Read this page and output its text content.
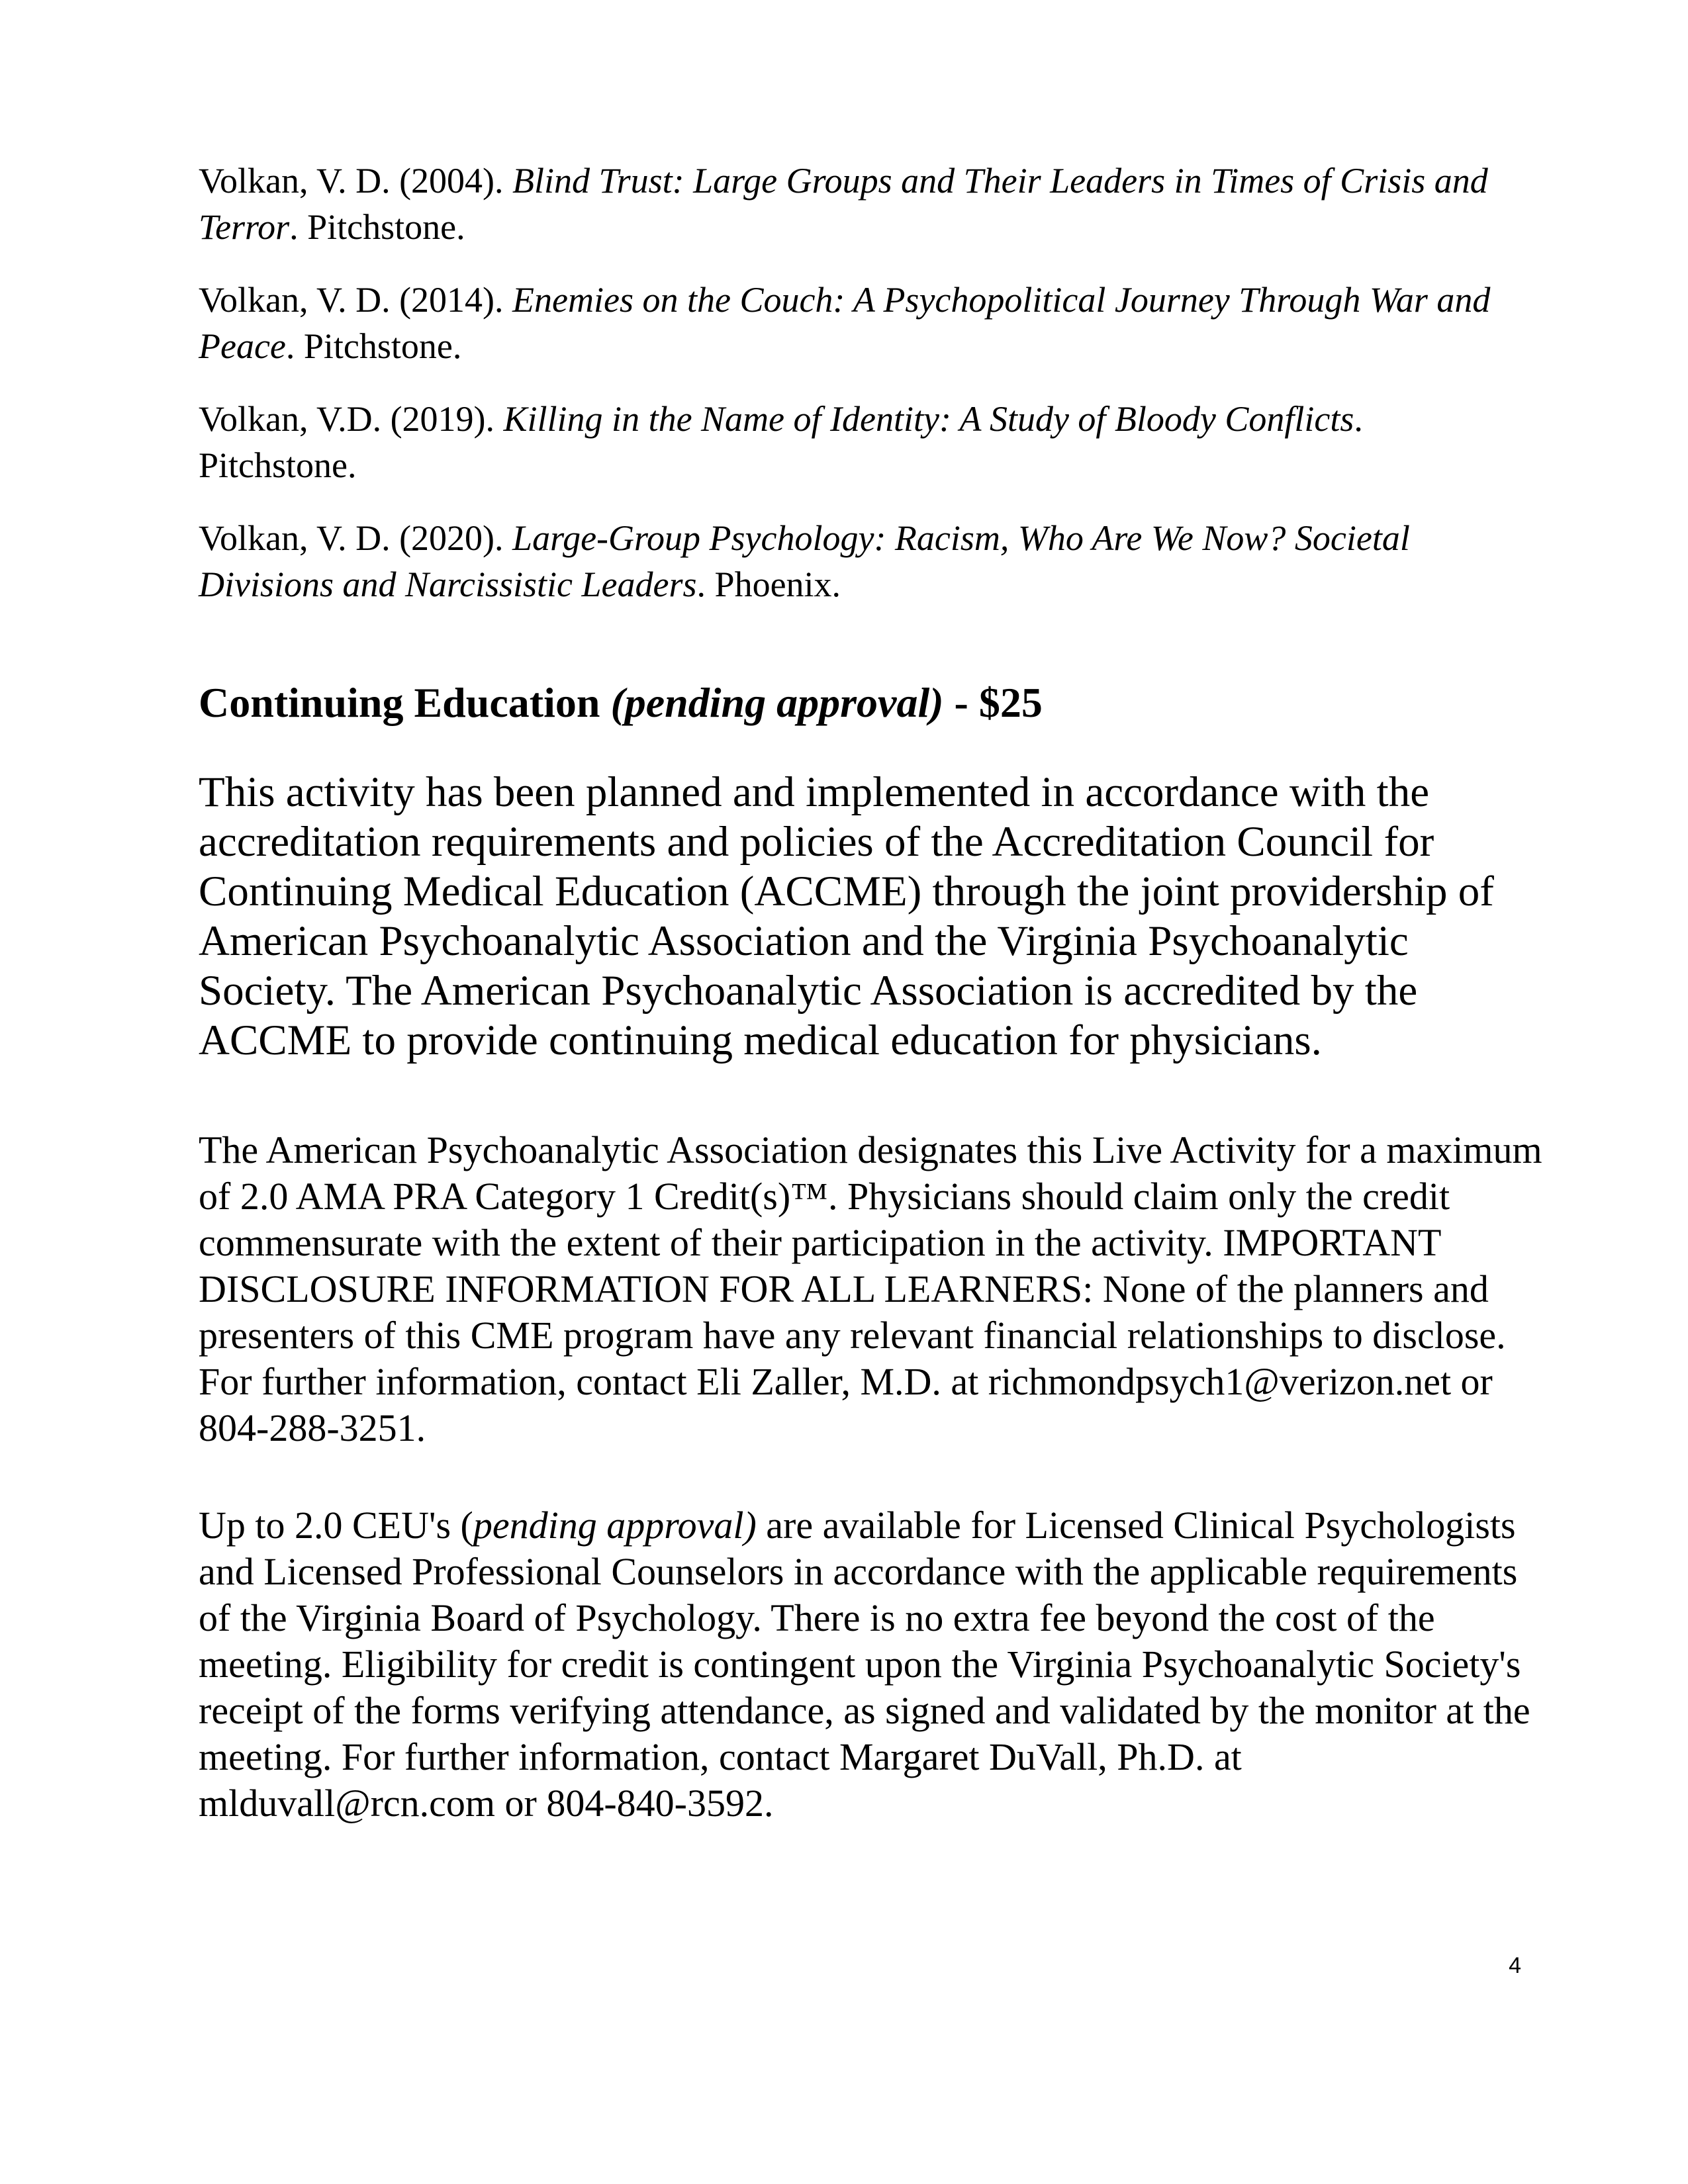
Volkan, V. D. (2004). Blind Trust: Large Groups and Their Leaders in Times of Crisis and Terror. Pitchstone.

Volkan, V. D. (2014). Enemies on the Couch: A Psychopolitical Journey Through War and Peace. Pitchstone.

Volkan, V.D. (2019). Killing in the Name of Identity: A Study of Bloody Conflicts. Pitchstone.

Volkan, V. D. (2020). Large-Group Psychology: Racism, Who Are We Now? Societal Divisions and Narcissistic Leaders. Phoenix.

Continuing Education (pending approval) - $25

This activity has been planned and implemented in accordance with the accreditation requirements and policies of the Accreditation Council for Continuing Medical Education (ACCME) through the joint providership of American Psychoanalytic Association and the Virginia Psychoanalytic Society. The American Psychoanalytic Association is accredited by the ACCME to provide continuing medical education for physicians.

The American Psychoanalytic Association designates this Live Activity for a maximum of 2.0 AMA PRA Category 1 Credit(s)™. Physicians should claim only the credit commensurate with the extent of their participation in the activity. IMPORTANT DISCLOSURE INFORMATION FOR ALL LEARNERS: None of the planners and presenters of this CME program have any relevant financial relationships to disclose. For further information, contact Eli Zaller, M.D. at richmondpsych1@verizon.net or 804-288-3251.

Up to 2.0 CEU's (pending approval) are available for Licensed Clinical Psychologists and Licensed Professional Counselors in accordance with the applicable requirements of the Virginia Board of Psychology. There is no extra fee beyond the cost of the meeting. Eligibility for credit is contingent upon the Virginia Psychoanalytic Society's receipt of the forms verifying attendance, as signed and validated by the monitor at the meeting. For further information, contact Margaret DuVall, Ph.D. at mlduvall@rcn.com or 804-840-3592.

4
